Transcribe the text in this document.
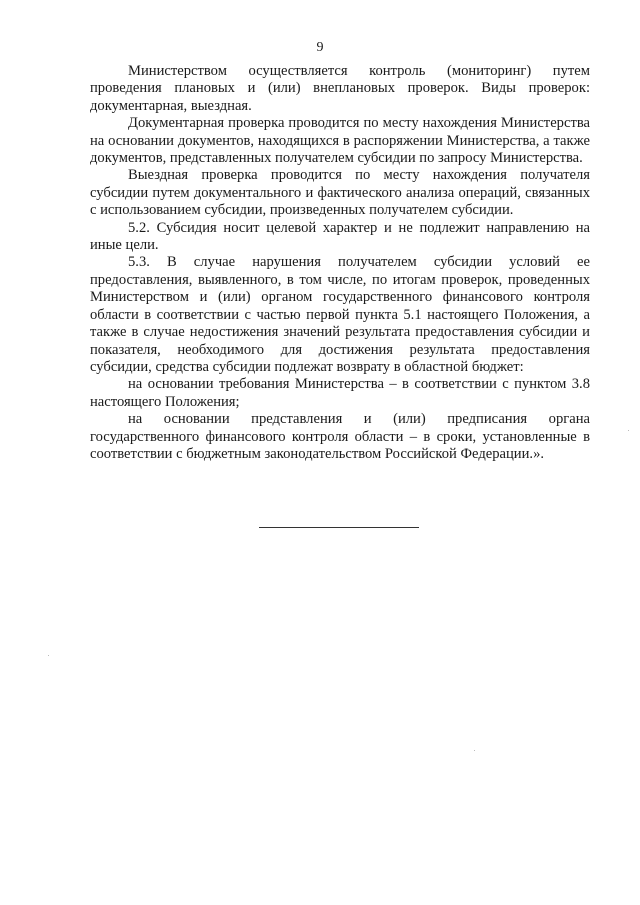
9

Министерством осуществляется контроль (мониторинг) путем проведения плановых и (или) внеплановых проверок. Виды проверок: документарная, выездная.

Документарная проверка проводится по месту нахождения Министерства на основании документов, находящихся в распоряжении Министерства, а также документов, представленных получателем субсидии по запросу Министерства.

Выездная проверка проводится по месту нахождения получателя субсидии путем документального и фактического анализа операций, связанных с использованием субсидии, произведенных получателем субсидии.

5.2. Субсидия носит целевой характер и не подлежит направлению на иные цели.

5.3. В случае нарушения получателем субсидии условий ее предоставления, выявленного, в том числе, по итогам проверок, проведенных Министерством и (или) органом государственного финансового контроля области в соответствии с частью первой пункта 5.1 настоящего Положения, а также в случае недостижения значений результата предоставления субсидии и показателя, необходимого для достижения результата предоставления субсидии, средства субсидии подлежат возврату в областной бюджет:

на основании требования Министерства – в соответствии с пунктом 3.8 настоящего Положения;

на основании представления и (или) предписания органа государственного финансового контроля области – в сроки, установленные в соответствии с бюджетным законодательством Российской Федерации.».
